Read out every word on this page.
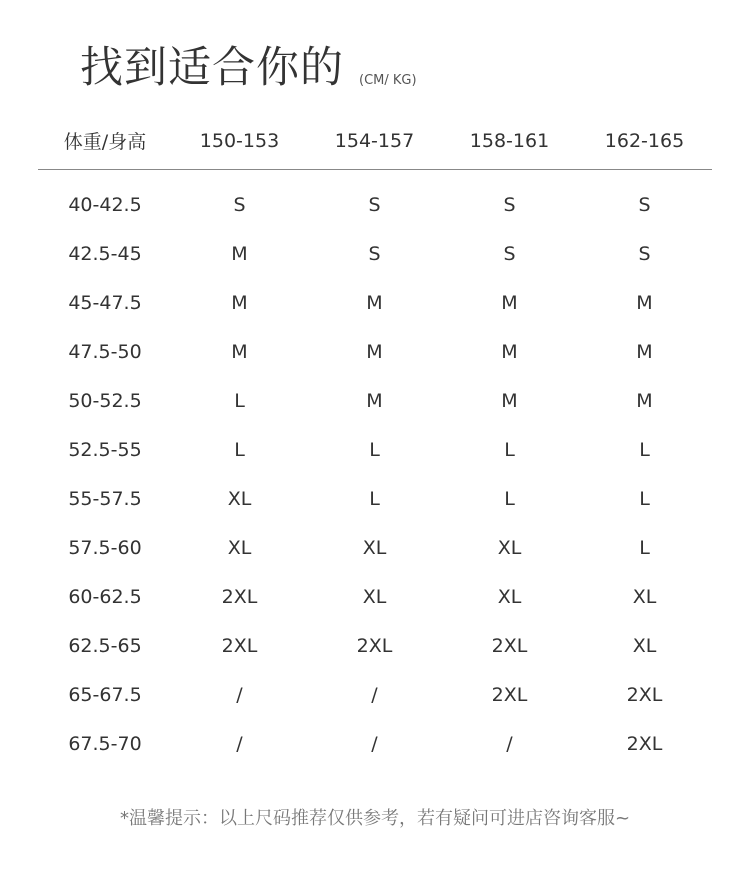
找到适合你的 (CM/ KG)
体重/身高	150-153	154-157	158-161	162-165
40-42.5	S	S	S	S
42.5-45	M	S	S	S
45-47.5	M	M	M	M
47.5-50	M	M	M	M
50-52.5	L	M	M	M
52.5-55	L	L	L	L
55-57.5	XL	L	L	L
57.5-60	XL	XL	XL	L
60-62.5	2XL	XL	XL	XL
62.5-65	2XL	2XL	2XL	XL
65-67.5	/	/	2XL	2XL
67.5-70	/	/	/	2XL
*温馨提示：以上尺码推荐仅供参考，若有疑问可进店咨询客服~
